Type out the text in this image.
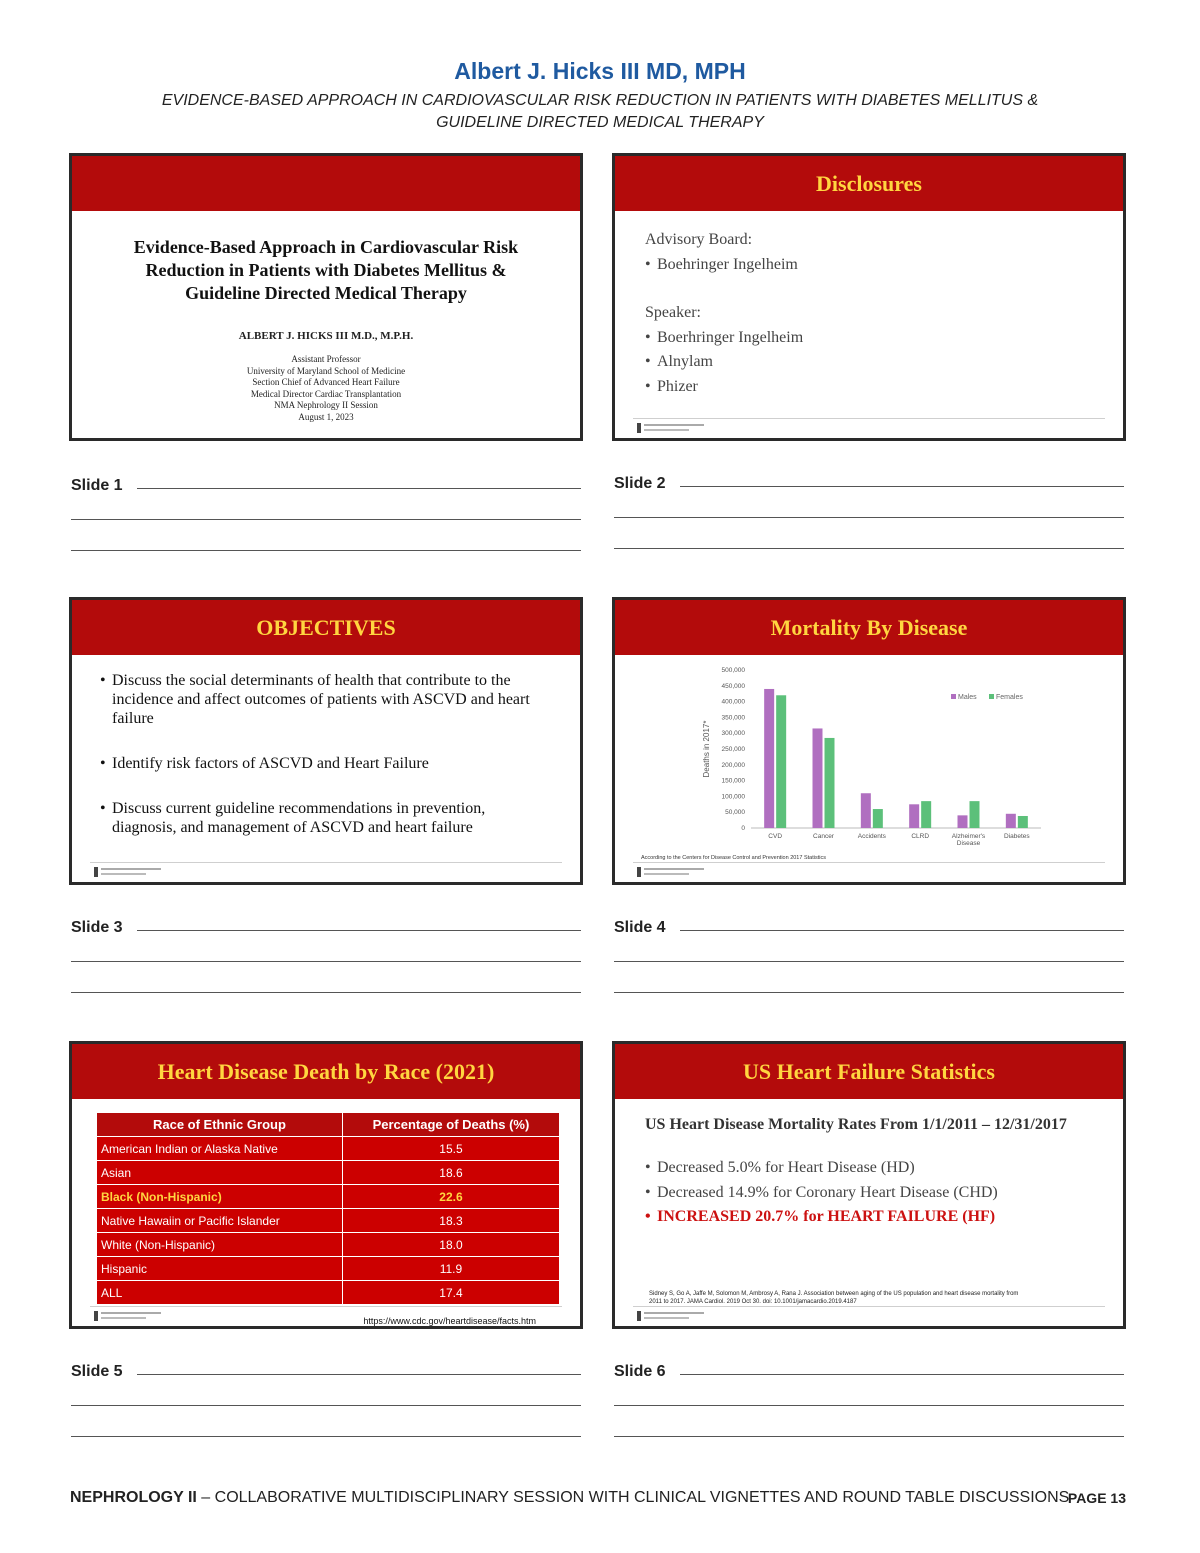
Albert J. Hicks III MD, MPH
EVIDENCE-BASED APPROACH IN CARDIOVASCULAR RISK REDUCTION IN PATIENTS WITH DIABETES MELLITUS &
GUIDELINE DIRECTED MEDICAL THERAPY
Evidence-Based Approach in Cardiovascular Risk
Reduction in Patients with Diabetes Mellitus &
Guideline Directed Medical Therapy
ALBERT J. HICKS III M.D., M.P.H.
Assistant Professor
University of Maryland School of Medicine
Section Chief of Advanced Heart Failure
Medical Director Cardiac Transplantation
NMA Nephrology II Session
August 1, 2023
Disclosures
Advisory Board:
• Boehringer Ingelheim
Speaker:
• Boerhringer Ingelheim
• Alnylam
• Phizer
OBJECTIVES
• Discuss the social determinants of health that contribute to the incidence and affect outcomes of patients with ASCVD and heart failure
• Identify risk factors of ASCVD and Heart Failure
• Discuss current guideline recommendations in prevention, diagnosis, and management of ASCVD and heart failure
Mortality By Disease
500,000
450,000
400,000
350,000
300,000
250,000
200,000
150,000
100,000
50,000
0
Deaths in 2017*
CVD	Cancer	Accidents	CLRD	Alzheimer's Disease
Diabetes
Males	Females
According to the Centers for Disease Control and Prevention 2017 Statistics
Heart Disease Death by Race (2021)
Race of Ethnic Group	Percentage of Deaths (%)
American Indian or Alaska Native	15.5
Asian	18.6
Black (Non-Hispanic)	22.6
Native Hawaiin or Pacific Islander	18.3
White (Non-Hispanic)	18.0
Hispanic	11.9
ALL	17.4
https://www.cdc.gov/heartdisease/facts.htm
US Heart Failure Statistics
US Heart Disease Mortality Rates From 1/1/2011 – 12/31/2017
• Decreased 5.0% for Heart Disease (HD)
• Decreased 14.9% for Coronary Heart Disease (CHD)
• INCREASED 20.7% for HEART FAILURE (HF)
Sidney S, Go A, Jaffe M, Solomon M, Ambrosy A, Rana J. Association between aging of the US population and heart disease mortality from
2011 to 2017. JAMA Cardiol. 2019 Oct 30. doi: 10.1001/jamacardio.2019.4187
Slide 1	Slide 2
Slide 3	Slide 4
Slide 5	Slide 6
NEPHROLOGY II – COLLABORATIVE MULTIDISCIPLINARY SESSION WITH CLINICAL VIGNETTES AND ROUND TABLE DISCUSSIONS
PAGE 13
